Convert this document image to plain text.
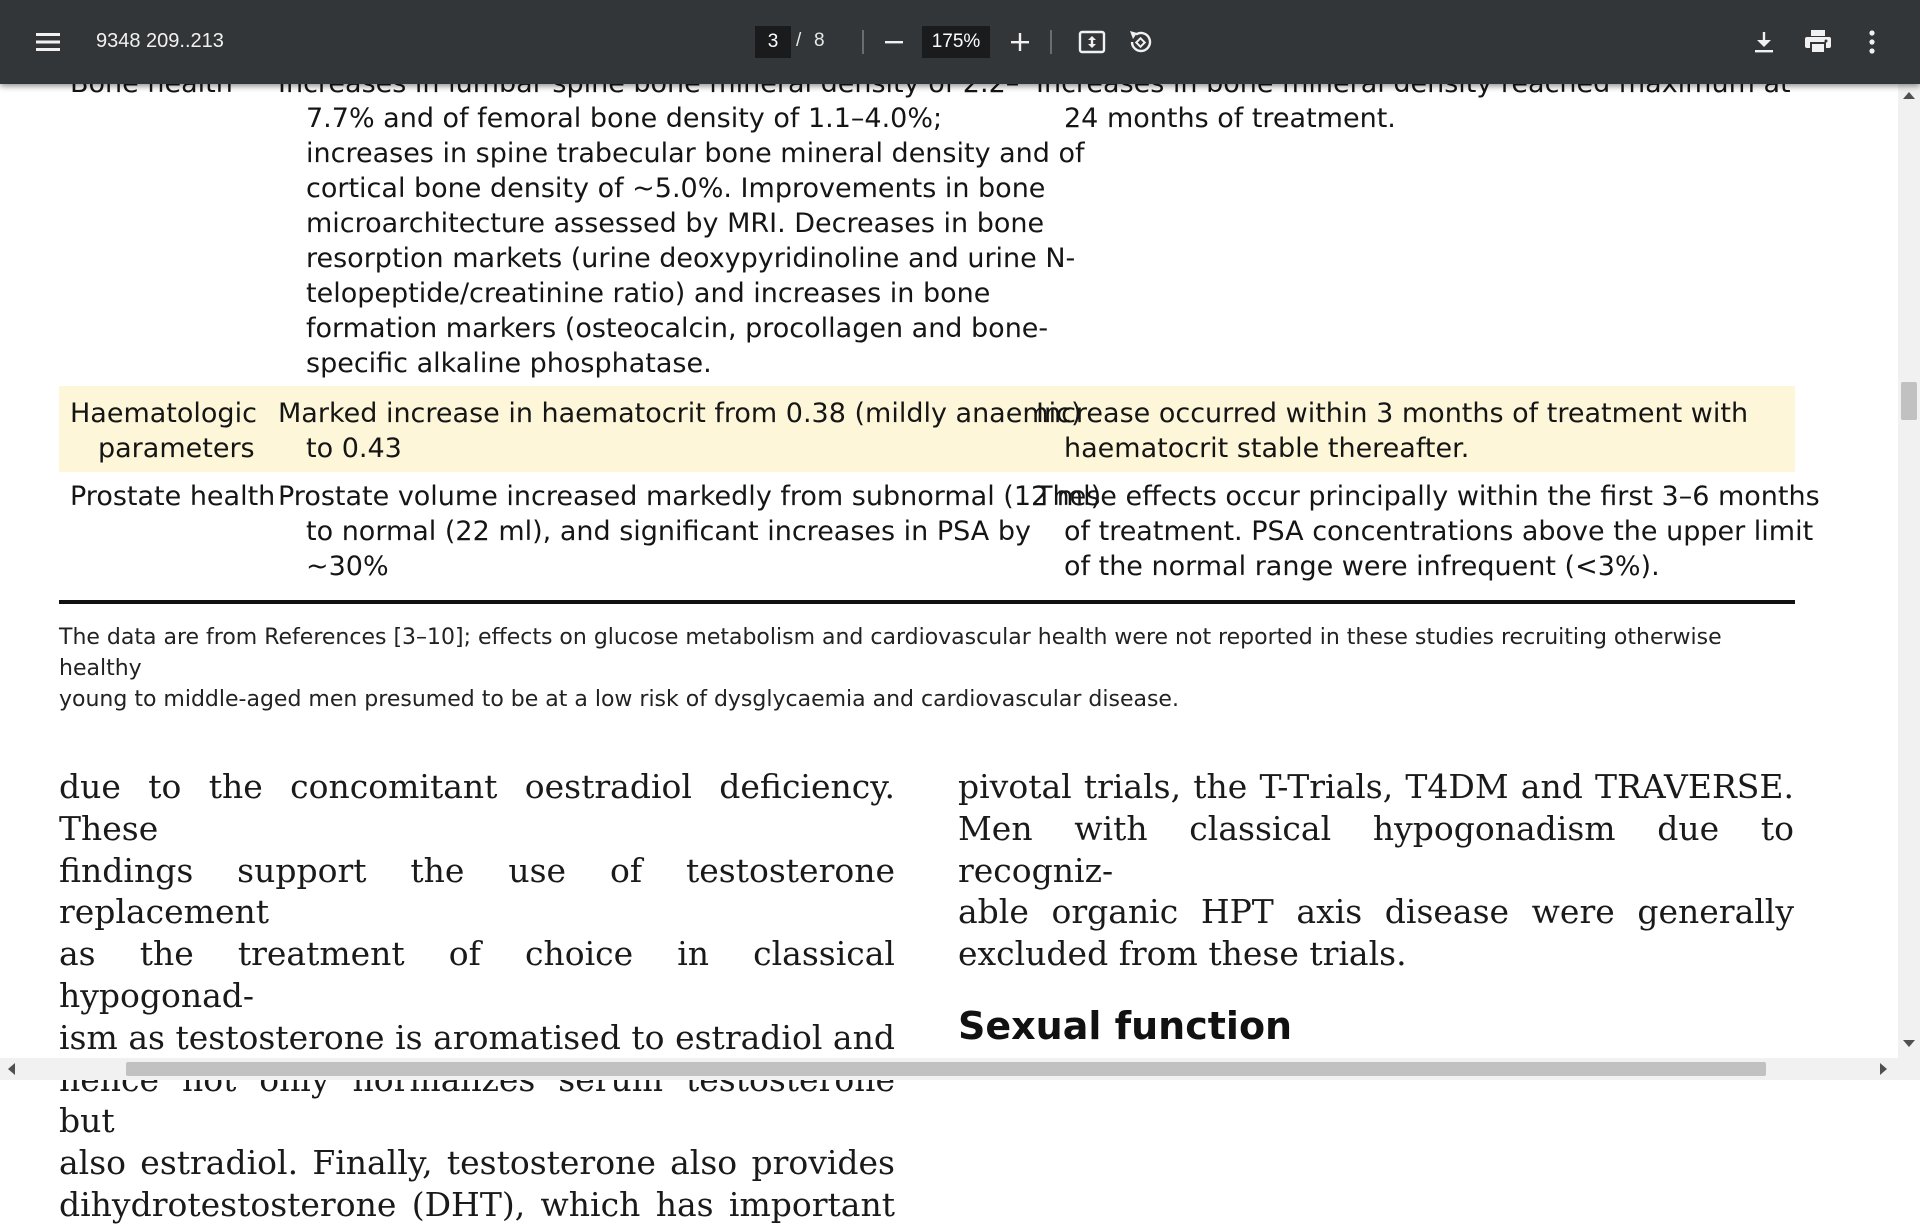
7.7% and of femoral bone density of 1.1–4.0%;

increases in spine trabecular bone mineral density and of

cortical bone density of ~5.0%. Improvements in bone

microarchitecture assessed by MRI. Decreases in bone

resorption markets (urine deoxypyridinoline and urine N-

telopeptide/creatinine ratio) and increases in bone

formation markers (osteocalcin, procollagen and bone-

specific alkaline phosphatase.

24 months of treatment.

Haematologic

parameters

Marked increase in haematocrit from 0.38 (mildly anaemic)

to 0.43

Increase occurred within 3 months of treatment with

haematocrit stable thereafter.

Prostate health Prostate volume increased markedly from subnormal (12 ml)

to normal (22 ml), and significant increases in PSA by

~30%

These effects occur principally within the first 3–6 months

of treatment. PSA concentrations above the upper limit

of the normal range were infrequent (<3%).

The data are from References [3–10]; effects on glucose metabolism and cardiovascular health were not reported in these studies recruiting otherwise healthy
young to middle-aged men presumed to be at a low risk of dysglycaemia and cardiovascular disease.

due to the concomitant oestradiol deficiency. These

findings support the use of testosterone replacement

as the treatment of choice in classical hypogonad-

ism as testosterone is aromatised to estradiol and

but

also estradiol. Finally, testosterone also provides

dihydrotestosterone (DHT), which has important

pivotal trials, the T-Trials, T4DM and TRAVERSE.

Men with classical hypogonadism due to recogniz-

able organic HPT axis disease were generally

excluded from these trials.

Sexual function
9348 209..213	3 / 8	175%
